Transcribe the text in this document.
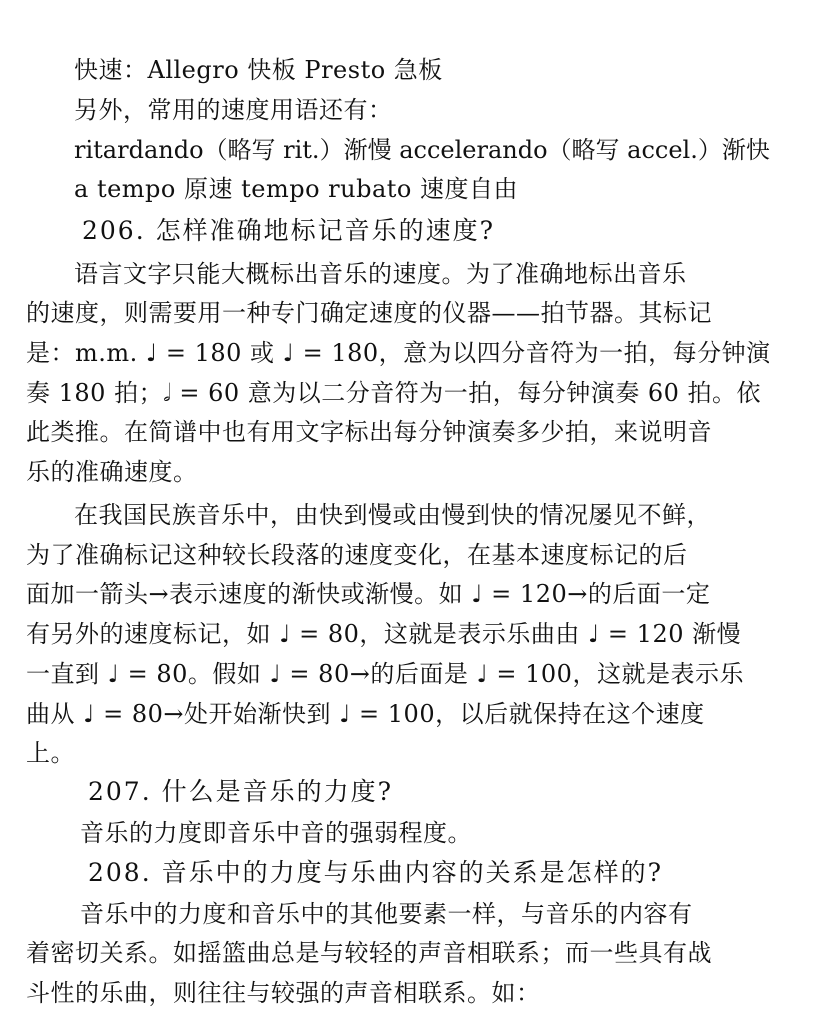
快速：Allegro 快板 Presto 急板
另外，常用的速度用语还有：
ritardando（略写 rit.）渐慢 accelerando（略写 accel.）渐快
a tempo 原速 tempo rubato 速度自由
206. 怎样准确地标记音乐的速度?
语言文字只能大概标出音乐的速度。为了准确地标出音乐
的速度，则需要用一种专门确定速度的仪器——拍节器。其标记
是：m.m. ♩ = 180 或 ♩ = 180，意为以四分音符为一拍，每分钟演
奏 180 拍；𝅗𝅥 = 60 意为以二分音符为一拍，每分钟演奏 60 拍。依
此类推。在简谱中也有用文字标出每分钟演奏多少拍，来说明音
乐的准确速度。
在我国民族音乐中，由快到慢或由慢到快的情况屡见不鲜，
为了准确标记这种较长段落的速度变化，在基本速度标记的后
面加一箭头→表示速度的渐快或渐慢。如 ♩ = 120→的后面一定
有另外的速度标记，如 ♩ = 80，这就是表示乐曲由 ♩ = 120 渐慢
一直到 ♩ = 80。假如 ♩ = 80→的后面是 ♩ = 100，这就是表示乐
曲从 ♩ = 80→处开始渐快到 ♩ = 100，以后就保持在这个速度
上。
207. 什么是音乐的力度?
音乐的力度即音乐中音的强弱程度。
208. 音乐中的力度与乐曲内容的关系是怎样的?
音乐中的力度和音乐中的其他要素一样，与音乐的内容有
着密切关系。如摇篮曲总是与较轻的声音相联系；而一些具有战
斗性的乐曲，则往往与较强的声音相联系。如：
